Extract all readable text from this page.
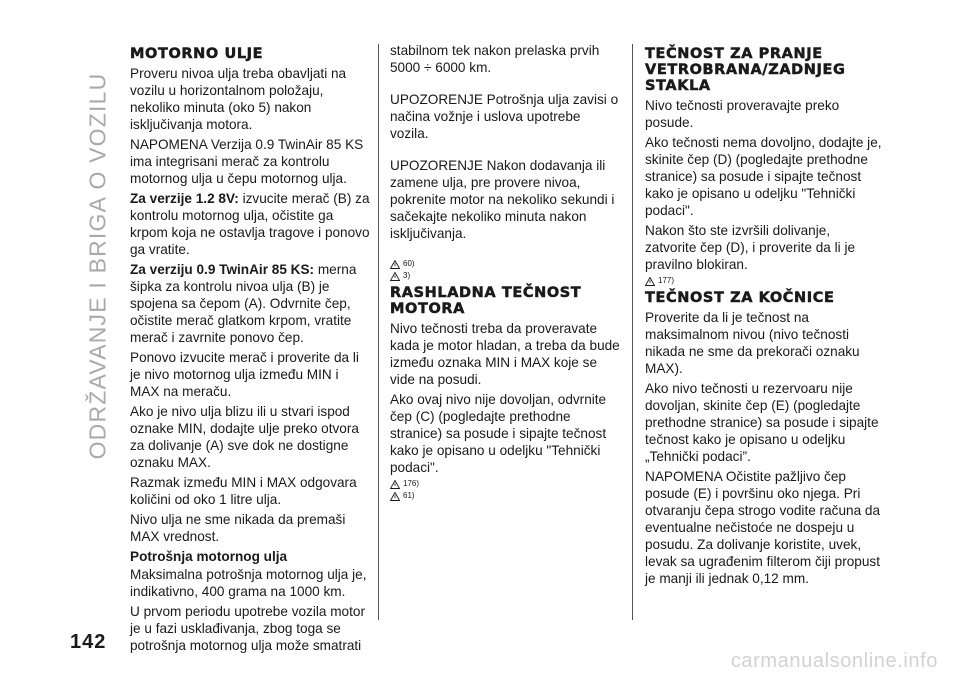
ODRŽAVANJE I BRIGA O VOZILU
MOTORNO ULJE

Proveru nivoa ulja treba obavljati na vozilu u horizontalnom položaju, nekoliko minuta (oko 5) nakon isključivanja motora.

NAPOMENA Verzija 0.9 TwinAir 85 KS ima integrisani merač za kontrolu motornog ulja u čepu motornog ulja.

Za verzije 1.2 8V: izvucite merač (B) za kontrolu motornog ulja, očistite ga krpom koja ne ostavlja tragove i ponovo ga vratite.

Za verziju 0.9 TwinAir 85 KS: merna šipka za kontrolu nivoa ulja (B) je spojena sa čepom (A). Odvrnite čep, očistite merač glatkom krpom, vratite merač i zavrnite ponovo čep.

Ponovo izvucite merač i proverite da li je nivo motornog ulja između MIN i MAX na meraču.

Ako je nivo ulja blizu ili u stvari ispod oznake MIN, dodajte ulje preko otvora za dolivanje (A) sve dok ne dostigne oznaku MAX.

Razmak između MIN i MAX odgovara količini od oko 1 litre ulja.

Nivo ulja ne sme nikada da premaši MAX vrednost.

Potrošnja motornog ulja

Maksimalna potrošnja motornog ulja je, indikativno, 400 grama na 1000 km.

U prvom periodu upotrebe vozila motor je u fazi usklađivanja, zbog toga se potrošnja motornog ulja može smatrati

stabilnom tek nakon prelaska prvih 5000 ÷ 6000 km.

UPOZORENJE Potrošnja ulja zavisi o načina vožnje i uslova upotrebe vozila.

UPOZORENJE Nakon dodavanja ili zamene ulja, pre provere nivoa, pokrenite motor na nekoliko sekundi i sačekajte nekoliko minuta nakon isključivanja.

60)
3)
RASHLADNA TEČNOST MOTORA

Nivo tečnosti treba da proveravate kada je motor hladan, a treba da bude između oznaka MIN i MAX koje se vide na posudi.

Ako ovaj nivo nije dovoljan, odvrnite čep (C) (pogledajte prethodne stranice) sa posude i sipajte tečnost kako je opisano u odeljku "Tehnički podaci".

176)
61)
TEČNOST ZA PRANJE VETROBRANA/ZADNJEG STAKLA

Nivo tečnosti proveravajte preko posude.

Ako tečnosti nema dovoljno, dodajte je, skinite čep (D) (pogledajte prethodne stranice) sa posude i sipajte tečnost kako je opisano u odeljku "Tehnički podaci".

Nakon što ste izvršili dolivanje, zatvorite čep (D), i proverite da li je pravilno blokiran.

177)
TEČNOST ZA KOČNICE

Proverite da li je tečnost na maksimalnom nivou (nivo tečnosti nikada ne sme da prekorači oznaku MAX).

Ako nivo tečnosti u rezervoaru nije dovoljan, skinite čep (E) (pogledajte prethodne stranice) sa posude i sipajte tečnost kako je opisano u odeljku „Tehnički podaci”.

NAPOMENA Očistite pažljivo čep posude (E) i površinu oko njega. Pri otvaranju čepa strogo vodite računa da eventualne nečistoće ne dospeju u posudu. Za dolivanje koristite, uvek, levak sa ugrađenim filterom čiji propust je manji ili jednak 0,12 mm.

142
carmanualsonline.info
